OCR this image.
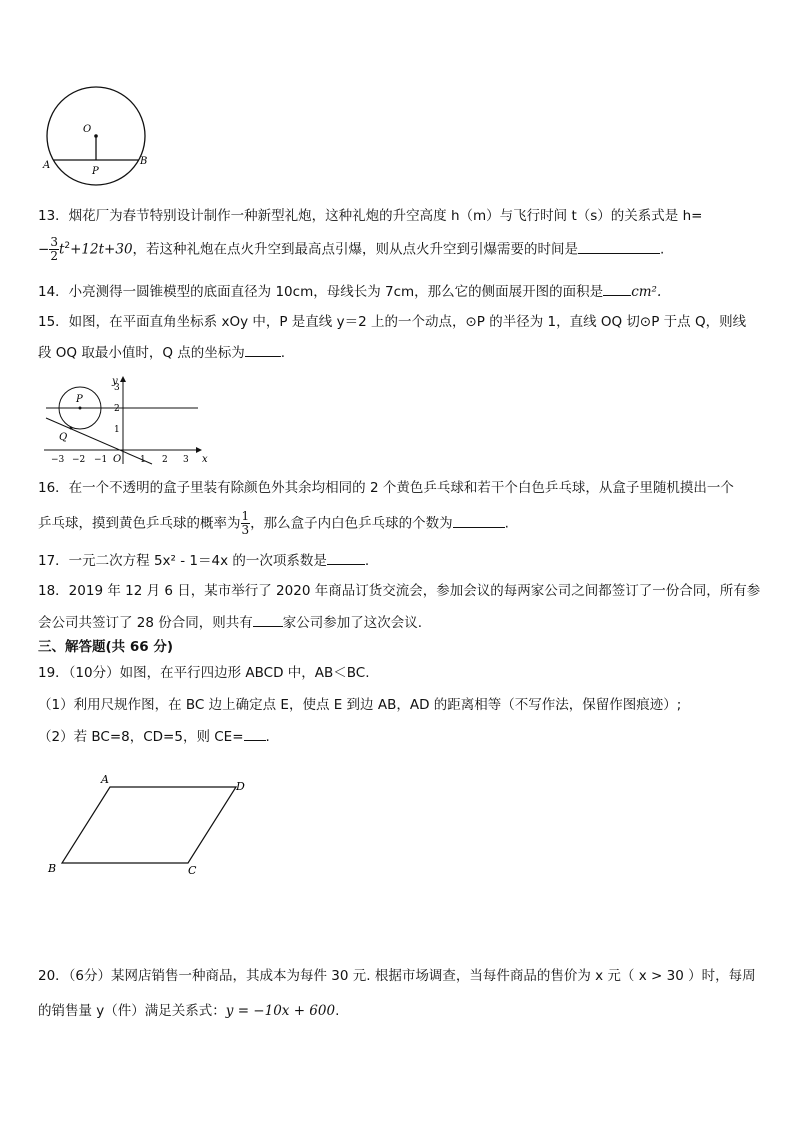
O
A	B
P
13．烟花厂为春节特别设计制作一种新型礼炮，这种礼炮的升空高度 h（m）与飞行时间 t（s）的关系式是 h=
− $\frac{3}{2} t^2+12t+30$，若这种礼炮在点火升空到最高点引爆，则从点火升空到引爆需要的时间是	.
14．小亮测得一圆锥模型的底面直径为 10cm，母线长为 7cm，那么它的侧面展开图的面积是 cm².
15．如图，在平面直角坐标系 xOy 中，P 是直线 y＝2 上的一个动点，⊙P 的半径为 1，直线 OQ 切⊙P 于点 Q，则线
段 OQ 取最小值时，Q 点的坐标为	.
y
x
O
P
Q
3
2
1
−3 −2 −1	1 2 3
16．在一个不透明的盒子里装有除颜色外其余均相同的 2 个黄色乒乓球和若干个白色乒乓球，从盒子里随机摸出一个
乒乓球，摸到黄色乒乓球的概率为 $\frac{1}{3}$ ，那么盒子内白色乒乓球的个数为	.
17．一元二次方程 5x² - 1＝4x 的一次项系数是	.
18．2019 年 12 月 6 日，某市举行了 2020 年商品订货交流会，参加会议的每两家公司之间都签订了一份合同，所有参
会公司共签订了 28 份合同，则共有 家公司参加了这次会议.
三、解答题(共 66 分)
19．（10分）如图，在平行四边形 ABCD 中，AB＜BC.
（1）利用尺规作图，在 BC 边上确定点 E，使点 E 到边 AB，AD 的距离相等（不写作法，保留作图痕迹）;
（2）若 BC=8，CD=5，则 CE= .
A
D
B	C
20．（6分）某网店销售一种商品，其成本为每件 30 元. 根据市场调查，当每件商品的售价为 x 元（ x > 30 ）时，每周
的销售量 y（件）满足关系式：y = −10x + 600.
